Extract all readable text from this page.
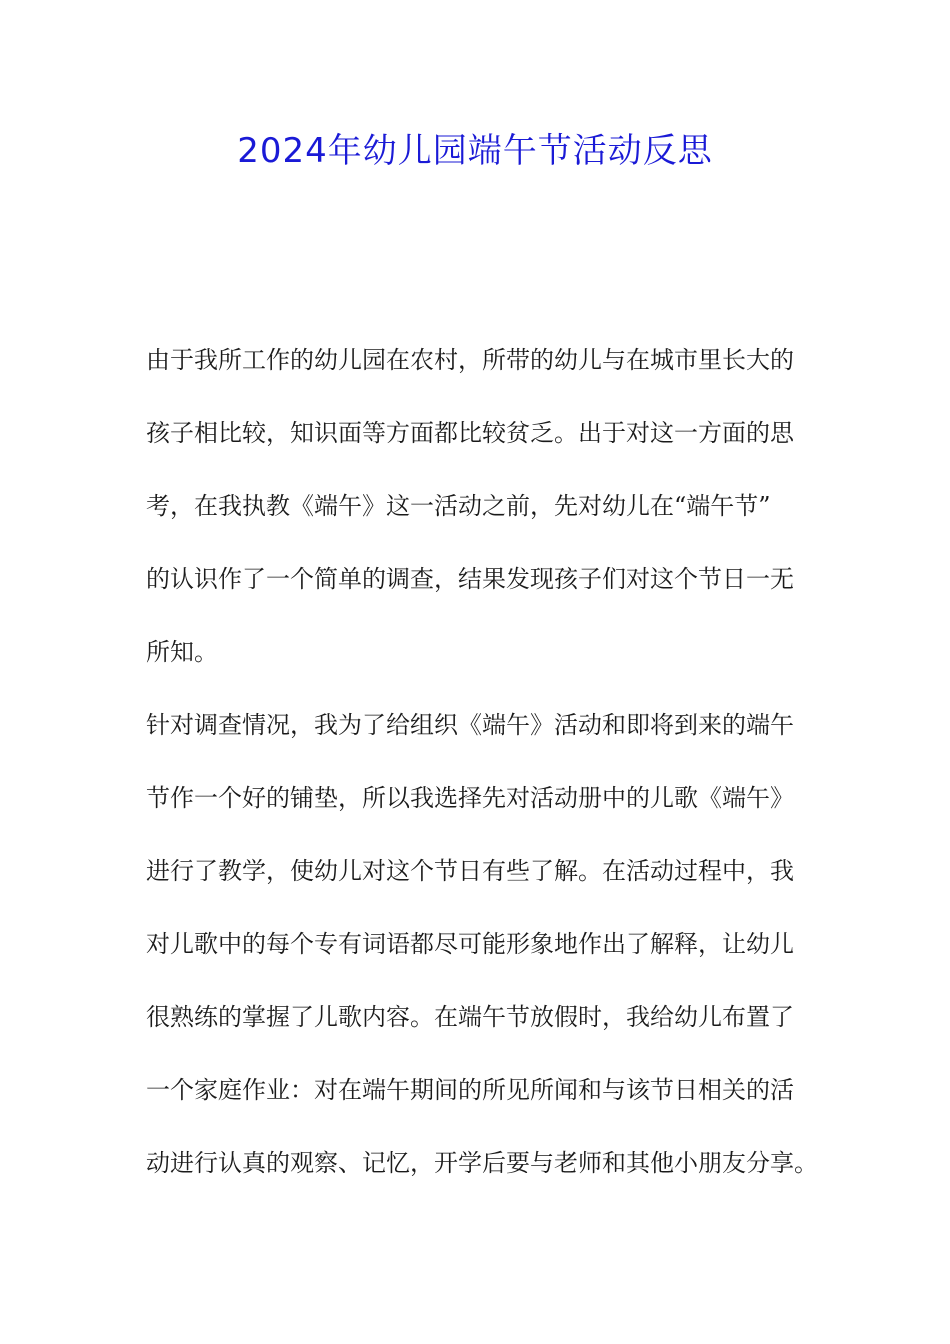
2024年幼儿园端午节活动反思
由于我所工作的幼儿园在农村，所带的幼儿与在城市里长大的
孩子相比较，知识面等方面都比较贫乏。出于对这一方面的思
考，在我执教《端午》这一活动之前，先对幼儿在“端午节”
的认识作了一个简单的调查，结果发现孩子们对这个节日一无
所知。
针对调查情况，我为了给组织《端午》活动和即将到来的端午
节作一个好的铺垫，所以我选择先对活动册中的儿歌《端午》
进行了教学，使幼儿对这个节日有些了解。在活动过程中，我
对儿歌中的每个专有词语都尽可能形象地作出了解释，让幼儿
很熟练的掌握了儿歌内容。在端午节放假时，我给幼儿布置了
一个家庭作业：对在端午期间的所见所闻和与该节日相关的活
动进行认真的观察、记忆，开学后要与老师和其他小朋友分享。
